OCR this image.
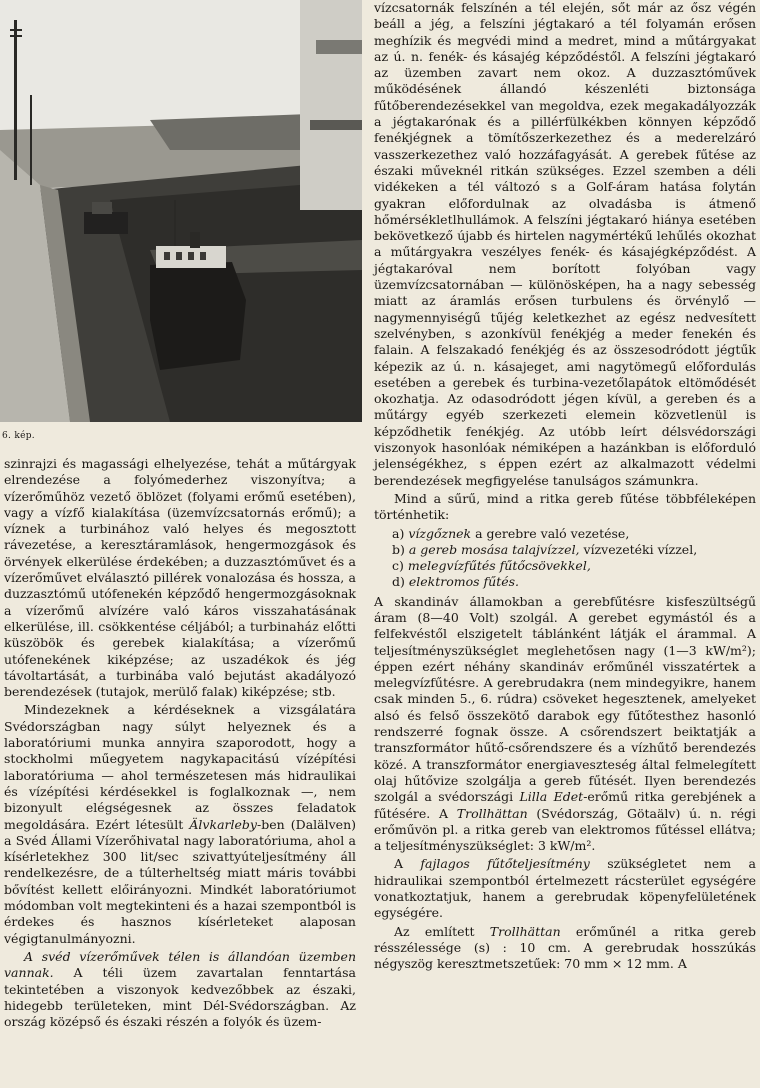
6. kép.

szinrajzi és magassági elhelyezése, tehát a műtárgyak elrendezése a folyómederhez viszonyítva; a vízerőműhöz vezető öblözet (folyami erőmű esetében), vagy a vízfő kialakítása (üzemvízcsatornás erőmű); a víznek a turbinához való helyes és megosztott rávezetése, a keresztáramlások, hengermozgások és örvények elkerülése érdekében; a duzzasztóművet és a vízerőművet elválasztó pillérek vonalozása és hossza, a duzzasztómű utófenekén képződő hengermozgásoknak a vízerőmű alvízére való káros visszahatásának elkerülése, ill. csökkentése céljából; a turbinaház előtti küszöbök és gerebek kialakítása; a vízerőmű utófenekének kiképzése; az uszadékok és jég távoltartását, a turbinába való bejutást akadályozó berendezések (tutajok, merülő falak) kiképzése; stb.

Mindezeknek a kérdéseknek a vizsgálatára Svédországban nagy súlyt helyeznek és a laboratóriumi munka annyira szaporodott, hogy a stockholmi műegyetem nagykapacitású vízépítési laboratóriuma — ahol természetesen más hidraulikai és vízépítési kérdésekkel is foglalkoznak —, nem bizonyult elégségesnek az összes feladatok megoldására. Ezért létesült Älvkarleby-ben (Dalälven) a Svéd Állami Vízerőhivatal nagy laboratóriuma, ahol a kísérletekhez 300 lit/sec szivattyúteljesítmény áll rendelkezésre, de a túlterheltség miatt máris további bővítést kellett előirányozni. Mindkét laboratóriumot módomban volt megtekinteni és a hazai szempontból is érdekes és hasznos kísérleteket alaposan végigtanulmányozni.

A svéd vízerőművek télen is állandóan üzemben vannak. A téli üzem zavartalan fenntartása tekintetében a viszonyok kedvezőbbek az északi, hidegebb területeken, mint Dél-Svédországban. Az ország középső és északi részén a folyók és üzem-

vízcsatornák felszínén a tél elején, sőt már az ősz végén beáll a jég, a felszíni jégtakaró a tél folyamán erősen meghízik és megvédi mind a medret, mind a műtárgyakat az ú. n. fenék- és kásajég képződéstől. A felszíni jégtakaró az üzemben zavart nem okoz. A duzzasztóművek működésének állandó készenléti biztonsága fűtőberendezésekkel van megoldva, ezek megakadályozzák a jégtakarónak és a pillérfülkékben könnyen képződő fenékjégnek a tömítőszerkezethez és a mederelzáró vasszerkezethez való hozzáfagyását. A gerebek fűtése az északi műveknél ritkán szükséges. Ezzel szemben a déli vidékeken a tél változó s a Golf-áram hatása folytán gyakran előfordulnak az olvadásba is átmenő hőmérsékletlhullámok. A felszíni jégtakaró hiánya esetében bekövetkező újabb és hirtelen nagymértékű lehűlés okozhat a műtárgyakra veszélyes fenék- és kásajégképződést. A jégtakaróval nem borított folyóban vagy üzemvízcsatornában — különösképen, ha a nagy sebesség miatt az áramlás erősen turbulens és örvénylő — nagymennyiségű tűjég keletkezhet az egész nedvesített szelvényben, s azonkívül fenékjég a meder fenekén és falain. A felszakadó fenékjég és az összesodródott jégtűk képezik az ú. n. kásajeget, ami nagytömegű előfordulás esetében a gerebek és turbina-vezetőlapátok eltömődését okozhatja. Az odasodródott jégen kívül, a gereben és a műtárgy egyéb szerkezeti elemein közvetlenül is képződhetik fenékjég. Az utóbb leírt délsvédországi viszonyok hasonlóak némiképen a hazánkban is előforduló jelenségékhez, s éppen ezért az alkalmazott védelmi berendezések megfigyelése tanulságos számunkra.

Mind a sűrű, mind a ritka gereb fűtése többféleképen történhetik:

a) vízgőznek a gerebre való vezetése,
b) a gereb mosása talajvízzel, vízvezetéki vízzel,
c) melegvízfűtés fűtőcsövekkel,
d) elektromos fűtés.

A skandináv államokban a gerebfűtésre kisfeszültségű áram (8—40 Volt) szolgál. A gerebet egymástól és a felfekvéstől elszigetelt táblánként látják el árammal. A teljesítményszükséglet meglehetősen nagy (1—3 kW/m²); éppen ezért néhány skandináv erőműnél visszatértek a melegvízfűtésre. A gerebrudakra (nem mindegyikre, hanem csak minden 5., 6. rúdra) csöveket hegesztenek, amelyeket alsó és felső összekötő darabok egy fűtőtesthez hasonló rendszerré fognak össze. A csőrendszert beiktatják a transzformátor hűtő-csőrendszere és a vízhűtő berendezés közé. A transzformátor energiaveszteség által felmelegített olaj hűtővize szolgálja a gereb fűtését. Ilyen berendezés szolgál a svédországi Lilla Edet-erőmű ritka gerebjének a fűtésére. A Trollhättan (Svédország, Götaälv) ú. n. régi erőművön pl. a ritka gereb van elektromos fűtéssel ellátva; a teljesítményszükséglet: 3 kW/m².

A fajlagos fűtőteljesítmény szükségletet nem a hidraulikai szempontból értelmezett rácsterület egységére vonatkoztatjuk, hanem a gerebrudak köpenyfelületének egységére.

Az említett Trollhättan erőműnél a ritka gereb résszélessége (s) : 10 cm. A gerebrudak hosszúkás négyszög keresztmetszetűek: 70 mm × 12 mm. A
